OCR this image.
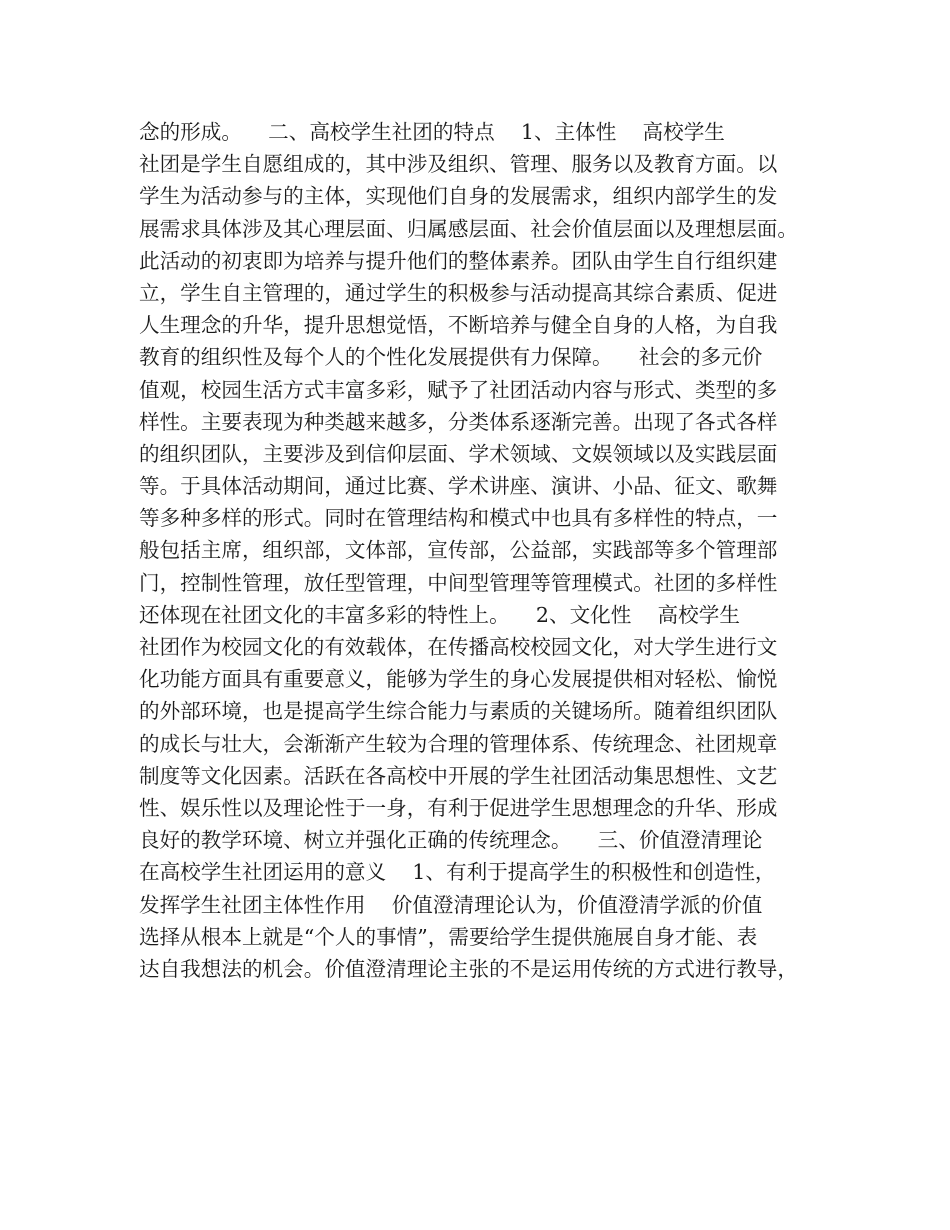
念的形成。    二、高校学生社团的特点    1、主体性    高校学生
社团是学生自愿组成的，其中涉及组织、管理、服务以及教育方面。以
学生为活动参与的主体，实现他们自身的发展需求，组织内部学生的发
展需求具体涉及其心理层面、归属感层面、社会价值层面以及理想层面。
此活动的初衷即为培养与提升他们的整体素养。团队由学生自行组织建
立，学生自主管理的，通过学生的积极参与活动提高其综合素质、促进
人生理念的升华，提升思想觉悟，不断培养与健全自身的人格，为自我
教育的组织性及每个人的个性化发展提供有力保障。    社会的多元价
值观，校园生活方式丰富多彩，赋予了社团活动内容与形式、类型的多
样性。主要表现为种类越来越多，分类体系逐渐完善。出现了各式各样
的组织团队，主要涉及到信仰层面、学术领域、文娱领域以及实践层面
等。于具体活动期间，通过比赛、学术讲座、演讲、小品、征文、歌舞
等多种多样的形式。同时在管理结构和模式中也具有多样性的特点，一
般包括主席，组织部，文体部，宣传部，公益部，实践部等多个管理部
门，控制性管理，放任型管理，中间型管理等管理模式。社团的多样性
还体现在社团文化的丰富多彩的特性上。    2、文化性    高校学生
社团作为校园文化的有效载体，在传播高校校园文化，对大学生进行文
化功能方面具有重要意义，能够为学生的身心发展提供相对轻松、愉悦
的外部环境，也是提高学生综合能力与素质的关键场所。随着组织团队
的成长与壮大，会渐渐产生较为合理的管理体系、传统理念、社团规章
制度等文化因素。活跃在各高校中开展的学生社团活动集思想性、文艺
性、娱乐性以及理论性于一身，有利于促进学生思想理念的升华、形成
良好的教学环境、树立并强化正确的传统理念。    三、价值澄清理论
在高校学生社团运用的意义    1、有利于提高学生的积极性和创造性，
发挥学生社团主体性作用    价值澄清理论认为，价值澄清学派的价值
选择从根本上就是“个人的事情”，需要给学生提供施展自身才能、表
达自我想法的机会。价值澄清理论主张的不是运用传统的方式进行教导，
